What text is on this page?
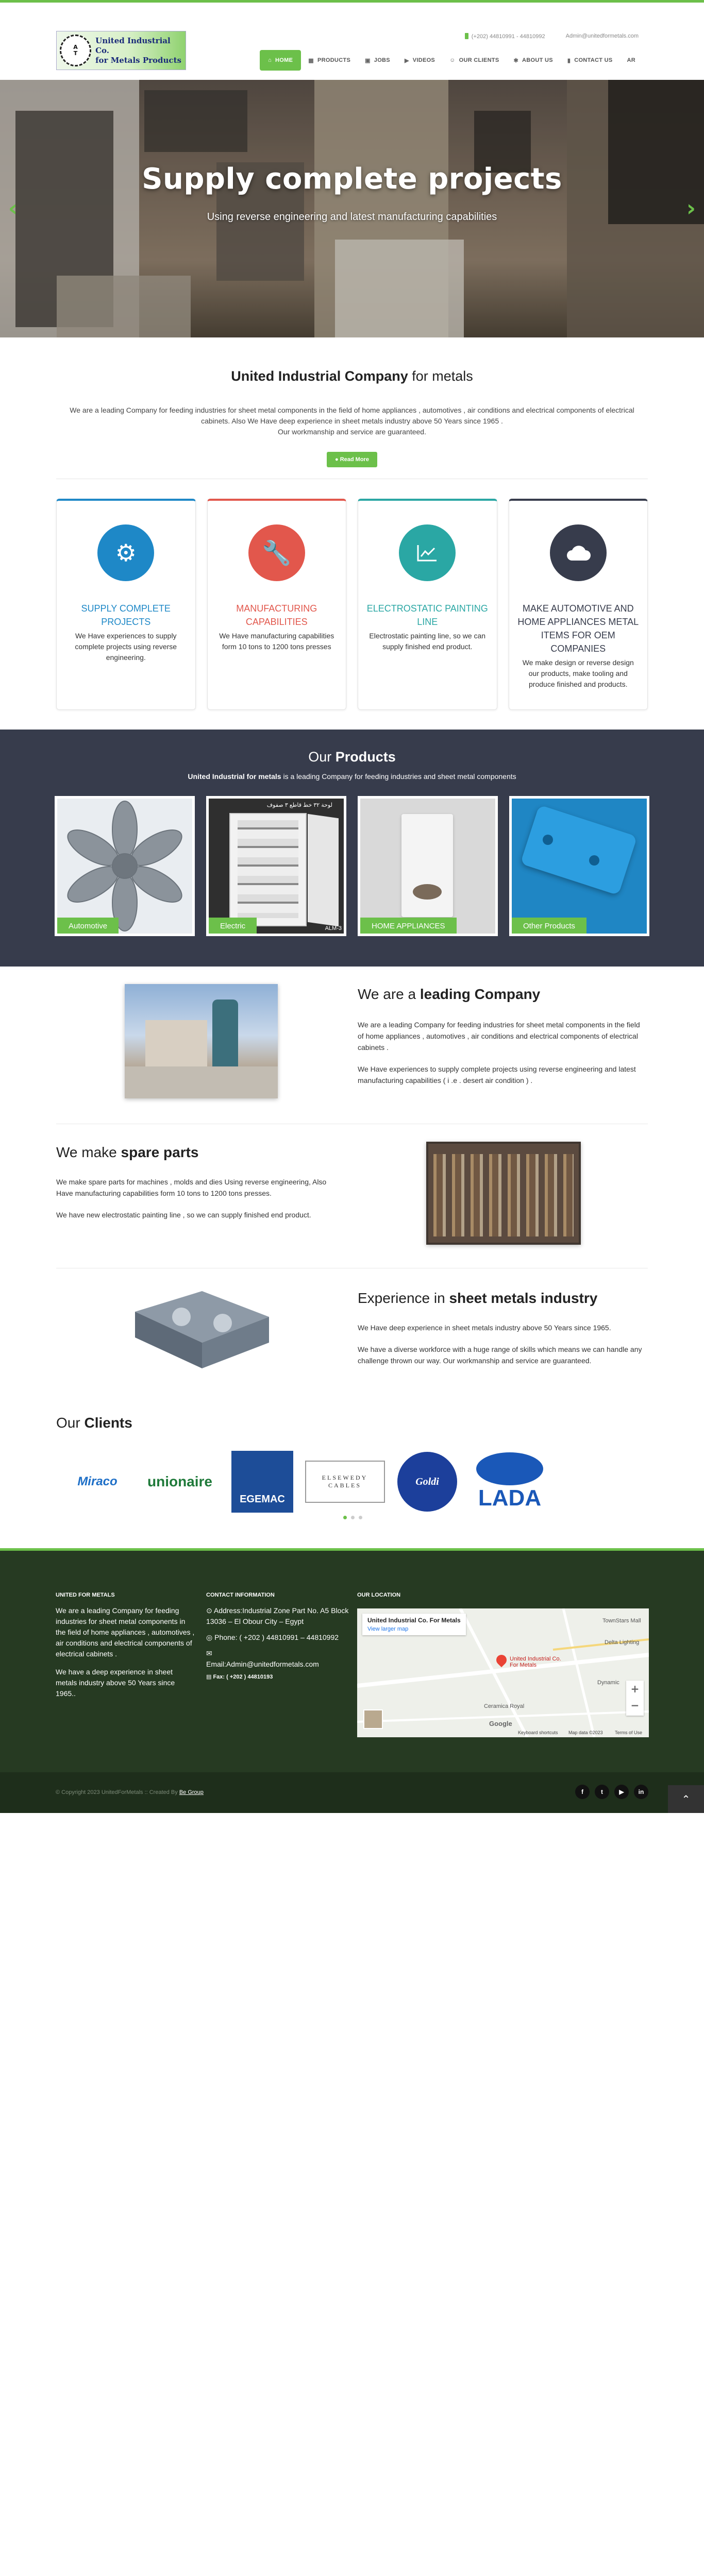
A
T
United Industrial Co.
for Metals Products
(+202) 44810991 - 44810992	Admin@unitedformetals.com
⌂ HOME	▦ PRODUCTS	▣ JOBS	▶ VIDEOS	☺ OUR CLIENTS	✱ ABOUT US	▮ CONTACT US	AR
Supply complete projects

Using reverse engineering and latest manufacturing capabilities

‹	›
United Industrial Company for metals

We are a leading Company for feeding industries for sheet metal components in the field of home appliances , automotives , air conditions and electrical components of electrical cabinets. Also We Have deep experience in sheet metals industry above 50 Years since 1965 .
Our workmanship and service are guaranteed.

● Read More
⚙
SUPPLY COMPLETE PROJECTS

We Have experiences to supply complete projects using reverse engineering.

🔧
MANUFACTURING CAPABILITIES

We Have manufacturing capabilities form 10 tons to 1200 tons presses

ELECTROSTATIC PAINTING LINE

Electrostatic painting line, so we can supply finished end product.

MAKE AUTOMOTIVE AND HOME APPLIANCES METAL ITEMS FOR OEM COMPANIES

We make design or reverse design our products, make tooling and produce finished and products.

Our Products

United Industrial for metals is a leading Company for feeding industries and sheet metal components

Automotive
لوحة ٣٢ خط قاطع ٣ صفوف
ALM-3
Electric	HOME APPLIANCES	Other Products
We are a leading Company

We are a leading Company for feeding industries for sheet metal components in the field of home appliances , automotives , air conditions and electrical components of electrical cabinets .

We Have experiences to supply complete projects using reverse engineering and latest manufacturing capabilities ( i .e . desert air condition ) .

We make spare parts

We make spare parts for machines , molds and dies Using reverse engineering, Also Have manufacturing capabilities form 10 tons to 1200 tons presses.

We have new electrostatic painting line , so we can supply finished end product.

Experience in sheet metals industry

We Have deep experience in sheet metals industry above 50 Years since 1965.

We have a diverse workforce with a huge range of skills which means we can handle any challenge thrown our way. Our workmanship and service are guaranteed.

Our Clients
Miraco unionaire
EGEMAC
ELSEWEDY CABLES	Goldi
LADA
UNITED FOR METALS

We are a leading Company for feeding industries for sheet metal components in the field of home appliances , automotives , air conditions and electrical components of electrical cabinets .

We have a deep experience in sheet metals industry above 50 Years since 1965..

CONTACT INFORMATION
⊙ Address:Industrial Zone Part No. A5 Block 13036 – El Obour City – Egypt
◎ Phone: ( +202 ) 44810991 – 44810992
✉
Email:Admin@unitedformetals.com
▤ Fax: ( +202 ) 44810193
OUR LOCATION
United Industrial Co. For Metals
View larger map
United Industrial Co. For Metals
TownStars Mall
Delta Lighting
Dynamic
Ceramica Royal
Google
Keyboard shortcuts Map data ©2023	Terms of Use
+
−
© Copyright 2023 UnitedForMetals :: Created By Be Group	f	t	▶	in
⌃
